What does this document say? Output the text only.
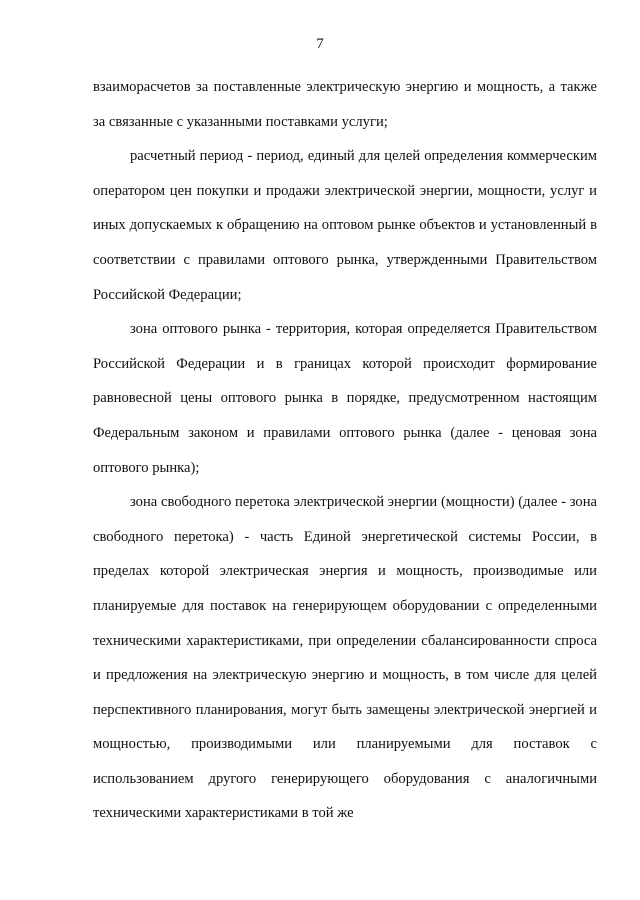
7

взаиморасчетов за поставленные электрическую энергию и мощность, а также за связанные с указанными поставками услуги;

расчетный период - период, единый для целей определения коммерческим оператором цен покупки и продажи электрической энергии, мощности, услуг и иных допускаемых к обращению на оптовом рынке объектов и установленный в соответствии с правилами оптового рынка, утвержденными Правительством Российской Федерации;

зона оптового рынка - территория, которая определяется Правительством Российской Федерации и в границах которой происходит формирование равновесной цены оптового рынка в порядке, предусмотренном настоящим Федеральным законом и правилами оптового рынка (далее - ценовая зона оптового рынка);

зона свободного перетока электрической энергии (мощности) (далее - зона свободного перетока) - часть Единой энергетической системы России, в пределах которой электрическая энергия и мощность, производимые или планируемые для поставок на генерирующем оборудовании с определенными техническими характеристиками, при определении сбалансированности спроса и предложения на электрическую энергию и мощность, в том числе для целей перспективного планирования, могут быть замещены электрической энергией и мощностью, производимыми или планируемыми для поставок с использованием другого генерирующего оборудования с аналогичными техническими характеристиками в той же
